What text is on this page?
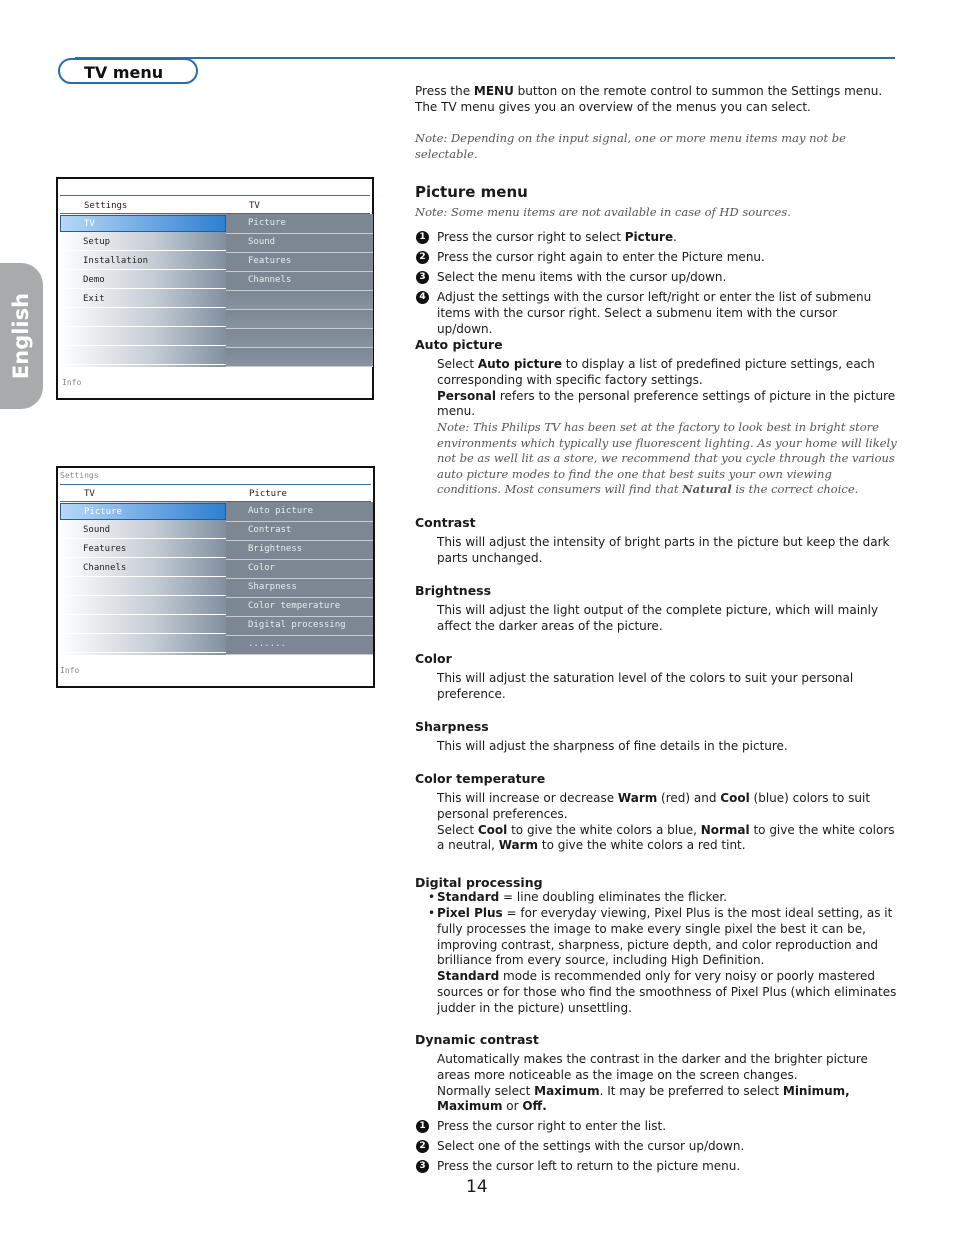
TV menu
English
Settings	TV
TV
Setup
Installation
Demo
Exit
Picture
Sound
Features
Channels
Info
Settings
TV	Picture
Picture
Sound
Features
Channels
Auto picture
Contrast
Brightness
Color
Sharpness
Color temperature
Digital processing
.......
Info
Press the MENU button on the remote control to summon the Settings menu. The TV menu gives you an overview of the menus you can select.
Note: Depending on the input signal, one or more menu items may not be selectable.
Picture menu
Note: Some menu items are not available in case of HD sources.
1 Press the cursor right to select Picture.
2 Press the cursor right again to enter the Picture menu.
3 Select the menu items with the cursor up/down.
4 Adjust the settings with the cursor left/right or enter the list of submenu items with the cursor right. Select a submenu item with the cursor up/down.
Auto picture
Select Auto picture to display a list of predefined picture settings, each corresponding with specific factory settings.
Personal refers to the personal preference settings of picture in the picture menu.
Note: This Philips TV has been set at the factory to look best in bright store environments which typically use fluorescent lighting. As your home will likely not be as well lit as a store, we recommend that you cycle through the various auto picture modes to find the one that best suits your own viewing conditions. Most consumers will find that Natural is the correct choice.
Contrast
This will adjust the intensity of bright parts in the picture but keep the dark parts unchanged.
Brightness
This will adjust the light output of the complete picture, which will mainly affect the darker areas of the picture.
Color
This will adjust the saturation level of the colors to suit your personal preference.
Sharpness
This will adjust the sharpness of fine details in the picture.
Color temperature
This will increase or decrease Warm (red) and Cool (blue) colors to suit personal preferences.
Select Cool to give the white colors a blue, Normal to give the white colors a neutral, Warm to give the white colors a red tint.
Digital processing
• Standard = line doubling eliminates the flicker.
• Pixel Plus = for everyday viewing, Pixel Plus is the most ideal setting, as it fully processes the image to make every single pixel the best it can be, improving contrast, sharpness, picture depth, and color reproduction and brilliance from every source, including High Definition.
Standard mode is recommended only for very noisy or poorly mastered sources or for those who find the smoothness of Pixel Plus (which eliminates judder in the picture) unsettling.
Dynamic contrast
Automatically makes the contrast in the darker and the brighter picture areas more noticeable as the image on the screen changes.
Normally select Maximum. It may be preferred to select Minimum, Maximum or Off.
1 Press the cursor right to enter the list.
2 Select one of the settings with the cursor up/down.
3 Press the cursor left to return to the picture menu.
14
